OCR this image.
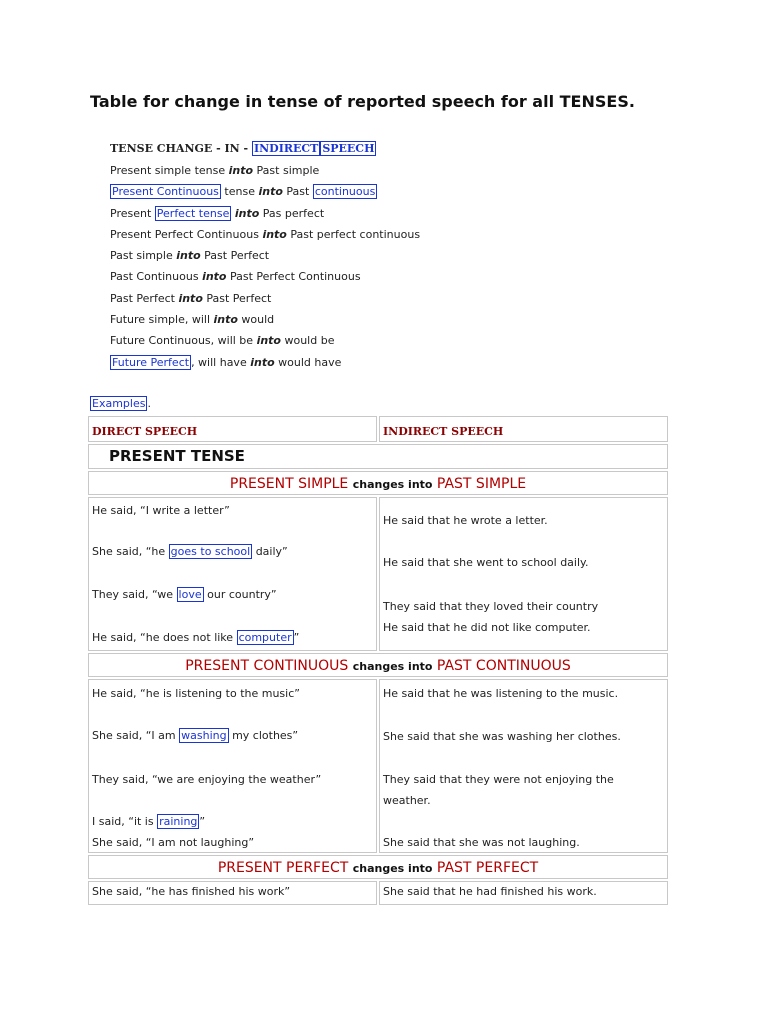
Table for change in tense of reported speech for all TENSES.
TENSE CHANGE - IN - INDIRECT SPEECH
Present simple tense into Past simple
Present Continuous tense into Past continuous
Present Perfect tense into Pas perfect
Present Perfect Continuous into Past perfect continuous
Past simple into Past Perfect
Past Continuous into Past Perfect Continuous
Past Perfect into Past Perfect
Future simple, will into would
Future Continuous, will be into would be
Future Perfect , will have into would have
Examples .
DIRECT SPEECH	INDIRECT SPEECH
PRESENT TENSE
PRESENT SIMPLE changes into PAST SIMPLE
He said, “I write a letter”
She said, “he goes to school daily”
They said, “we love our country”
He said, “he does not like computer ”
He said that he wrote a letter.
He said that she went to school daily.
They said that they loved their country
He said that he did not like computer.
PRESENT CONTINUOUS changes into PAST CONTINUOUS
He said, “he is listening to the music”
She said, “I am washing my clothes”
They said, “we are enjoying the weather”
I said, “it is raining ”
She said, “I am not laughing”
He said that he was listening to the music.
She said that she was washing her clothes.
They said that they were not enjoying the
weather.
She said that she was not laughing.
PRESENT PERFECT changes into PAST PERFECT
She said, “he has finished his work”	She said that he had finished his work.
